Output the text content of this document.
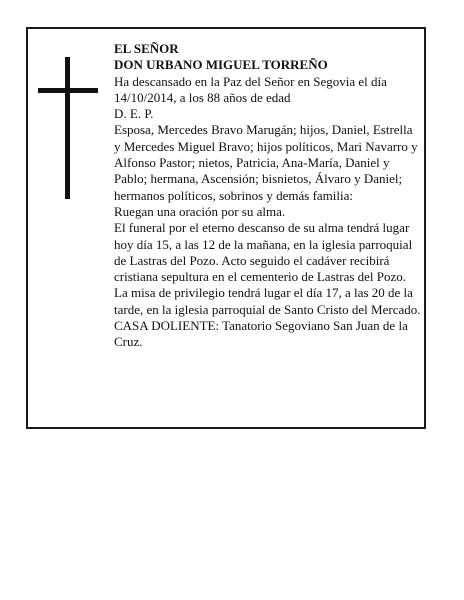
EL SEÑOR

DON URBANO MIGUEL TORREÑO

Ha descansado en la Paz del Señor en Segovia el día 14/10/2014, a los 88 años de edad

D. E. P.

Esposa, Mercedes Bravo Marugán; hijos, Daniel, Estrella y Mercedes Miguel Bravo; hijos políticos, Mari Navarro y Alfonso Pastor; nietos, Patricia, Ana-María, Daniel y Pablo; hermana, Ascensión; bisnietos, Álvaro y Daniel; hermanos políticos, sobrinos y demás familia:

Ruegan una oración por su alma.

El funeral por el eterno descanso de su alma tendrá lugar hoy día 15, a las 12 de la mañana, en la iglesia parroquial de Lastras del Pozo. Acto seguido el cadáver recibirá cristiana sepultura en el cementerio de Lastras del Pozo. La misa de privilegio tendrá lugar el día 17, a las 20 de la tarde, en la iglesia parroquial de Santo Cristo del Mercado.

CASA DOLIENTE: Tanatorio Segoviano San Juan de la Cruz.
